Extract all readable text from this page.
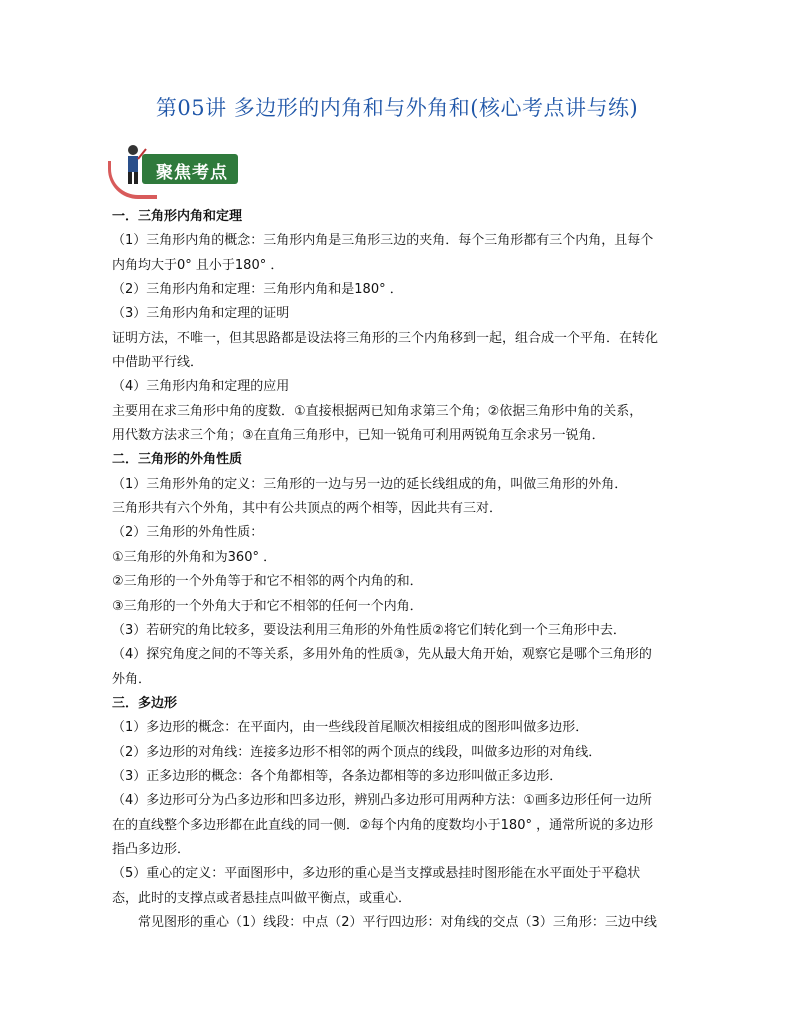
第05讲 多边形的内角和与外角和(核心考点讲与练)
聚焦考点
一．三角形内角和定理
（1）三角形内角的概念：三角形内角是三角形三边的夹角．每个三角形都有三个内角，且每个
内角均大于0° 且小于180° ．
（2）三角形内角和定理：三角形内角和是180° ．
（3）三角形内角和定理的证明
证明方法，不唯一，但其思路都是设法将三角形的三个内角移到一起，组合成一个平角．在转化
中借助平行线．
（4）三角形内角和定理的应用
主要用在求三角形中角的度数．①直接根据两已知角求第三个角；②依据三角形中角的关系，
用代数方法求三个角；③在直角三角形中，已知一锐角可利用两锐角互余求另一锐角．
二．三角形的外角性质
（1）三角形外角的定义：三角形的一边与另一边的延长线组成的角，叫做三角形的外角．
三角形共有六个外角，其中有公共顶点的两个相等，因此共有三对．
（2）三角形的外角性质：
①三角形的外角和为360° ．
②三角形的一个外角等于和它不相邻的两个内角的和．
③三角形的一个外角大于和它不相邻的任何一个内角．
（3）若研究的角比较多，要设法利用三角形的外角性质②将它们转化到一个三角形中去．
（4）探究角度之间的不等关系，多用外角的性质③，先从最大角开始，观察它是哪个三角形的
外角．
三．多边形
（1）多边形的概念：在平面内，由一些线段首尾顺次相接组成的图形叫做多边形．
（2）多边形的对角线：连接多边形不相邻的两个顶点的线段，叫做多边形的对角线．
（3）正多边形的概念：各个角都相等，各条边都相等的多边形叫做正多边形．
（4）多边形可分为凸多边形和凹多边形，辨别凸多边形可用两种方法：①画多边形任何一边所
在的直线整个多边形都在此直线的同一侧．②每个内角的度数均小于180° ，通常所说的多边形
指凸多边形．
（5）重心的定义：平面图形中，多边形的重心是当支撑或悬挂时图形能在水平面处于平稳状
态，此时的支撑点或者悬挂点叫做平衡点，或重心．
常见图形的重心（1）线段：中点（2）平行四边形：对角线的交点（3）三角形：三边中线
